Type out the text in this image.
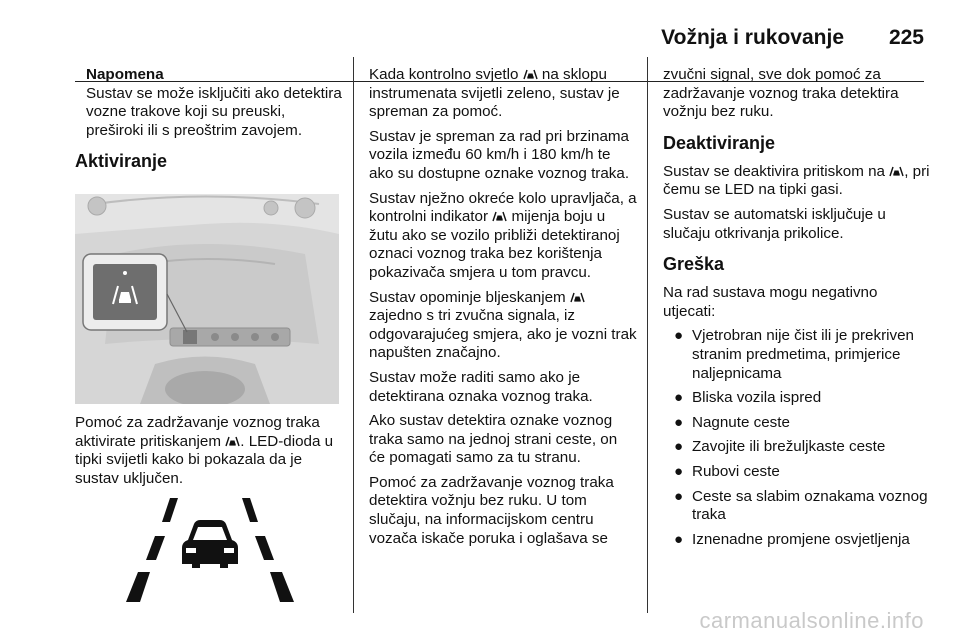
Vožnja i rukovanje 225

Napomena

Sustav se može isključiti ako detektira vozne trakove koji su preuski, preširoki ili s preoštrim zavojem.

Aktiviranje

Pomoć za zadržavanje voznog traka aktivirate pritiskanjem . LED-dioda u tipki svijetli kako bi pokazala da je sustav uključen.

Kada kontrolno svjetlo  na sklopu instrumenata svijetli zeleno, sustav je spreman za pomoć.

Sustav je spreman za rad pri brzinama vozila između 60 km/h i 180 km/h te ako su dostupne oznake voznog traka.

Sustav nježno okreće kolo upravljača, a kontrolni indikator  mijenja boju u žutu ako se vozilo približi detektiranoj oznaci voznog traka bez korištenja pokazivača smjera u tom pravcu.

Sustav opominje bljeskanjem  zajedno s tri zvučna signala, iz odgovarajućeg smjera, ako je vozni trak napušten značajno.

Sustav može raditi samo ako je detektirana oznaka voznog traka.

Ako sustav detektira oznake voznog traka samo na jednoj strani ceste, on će pomagati samo za tu stranu.

Pomoć za zadržavanje voznog traka detektira vožnju bez ruku. U tom slučaju, na informacijskom centru vozača iskače poruka i oglašava se

zvučni signal, sve dok pomoć za zadržavanje voznog traka detektira vožnju bez ruku.

Deaktiviranje

Sustav se deaktivira pritiskom na , pri čemu se LED na tipki gasi.

Sustav se automatski isključuje u slučaju otkrivanja prikolice.

Greška

Na rad sustava mogu negativno utjecati:

● Vjetrobran nije čist ili je prekriven stranim predmetima, primjerice naljepnicama
● Bliska vozila ispred
● Nagnute ceste
● Zavojite ili brežuljkaste ceste
● Rubovi ceste
● Ceste sa slabim oznakama voznog traka
● Iznenadne promjene osvjetljenja
carmanualsonline.info
